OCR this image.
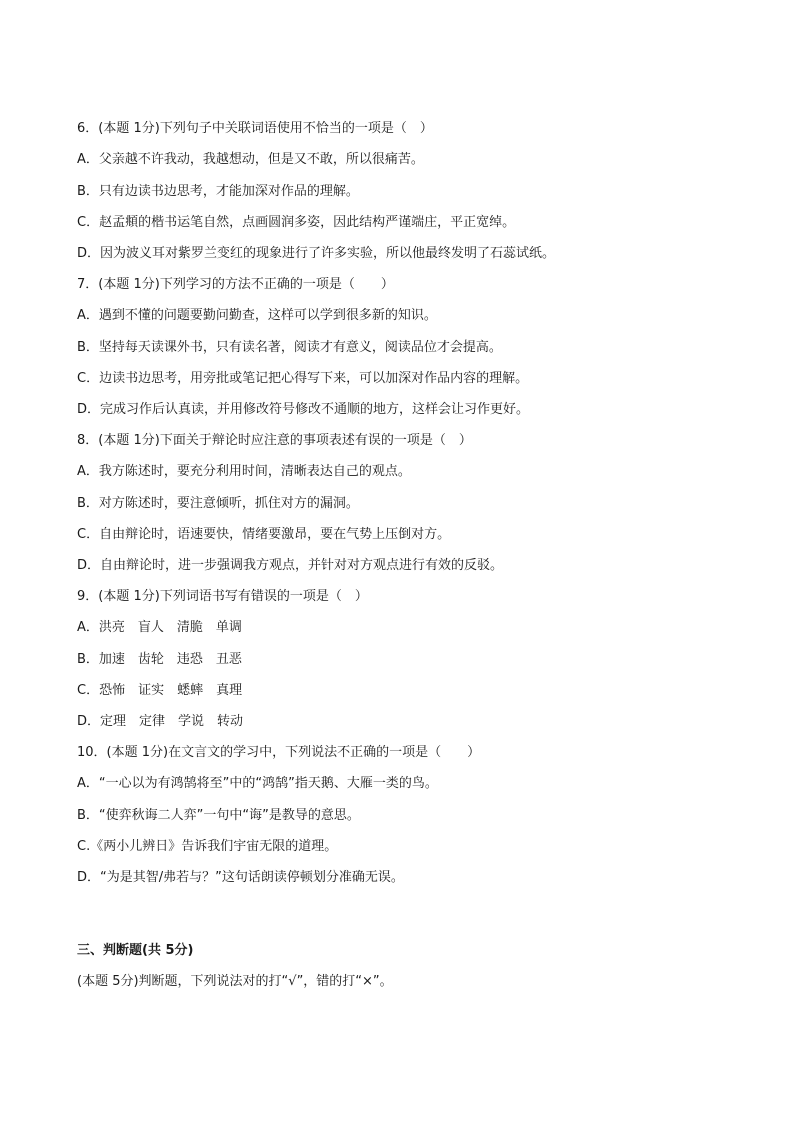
6．(本题 1分)下列句子中关联词语使用不恰当的一项是（　）
A．父亲越不许我动，我越想动，但是又不敢，所以很痛苦。
B．只有边读书边思考，才能加深对作品的理解。
C．赵孟頫的楷书运笔自然，点画圆润多姿，因此结构严谨端庄，平正宽绰。
D．因为波义耳对紫罗兰变红的现象进行了许多实验，所以他最终发明了石蕊试纸。
7．(本题 1分)下列学习的方法不正确的一项是（　　）
A．遇到不懂的问题要勤问勤查，这样可以学到很多新的知识。
B．坚持每天读课外书，只有读名著，阅读才有意义，阅读品位才会提高。
C．边读书边思考，用旁批或笔记把心得写下来，可以加深对作品内容的理解。
D．完成习作后认真读，并用修改符号修改不通顺的地方，这样会让习作更好。
8．(本题 1分)下面关于辩论时应注意的事项表述有误的一项是（　）
A．我方陈述时，要充分利用时间，清晰表达自己的观点。
B．对方陈述时，要注意倾听，抓住对方的漏洞。
C．自由辩论时，语速要快，情绪要激昂，要在气势上压倒对方。
D．自由辩论时，进一步强调我方观点，并针对对方观点进行有效的反驳。
9．(本题 1分)下列词语书写有错误的一项是（　）
A．洪亮　盲人　清脆　单调
B．加速　齿轮　违恐　丑恶
C．恐怖　证实　蟋蟀　真理
D．定理　定律　学说　转动
10．(本题 1分)在文言文的学习中，下列说法不正确的一项是（　　）
A．“一心以为有鸿鹄将至”中的“鸿鹄”指天鹅、大雁一类的鸟。
B．“使弈秋诲二人弈”一句中“诲”是教导的意思。
C.《两小儿辨日》告诉我们宇宙无限的道理。
D．“为是其智/弗若与？”这句话朗读停顿划分准确无误。
三、判断题(共 5分)
(本题 5分)判断题，下列说法对的打“√”，错的打“×”。
